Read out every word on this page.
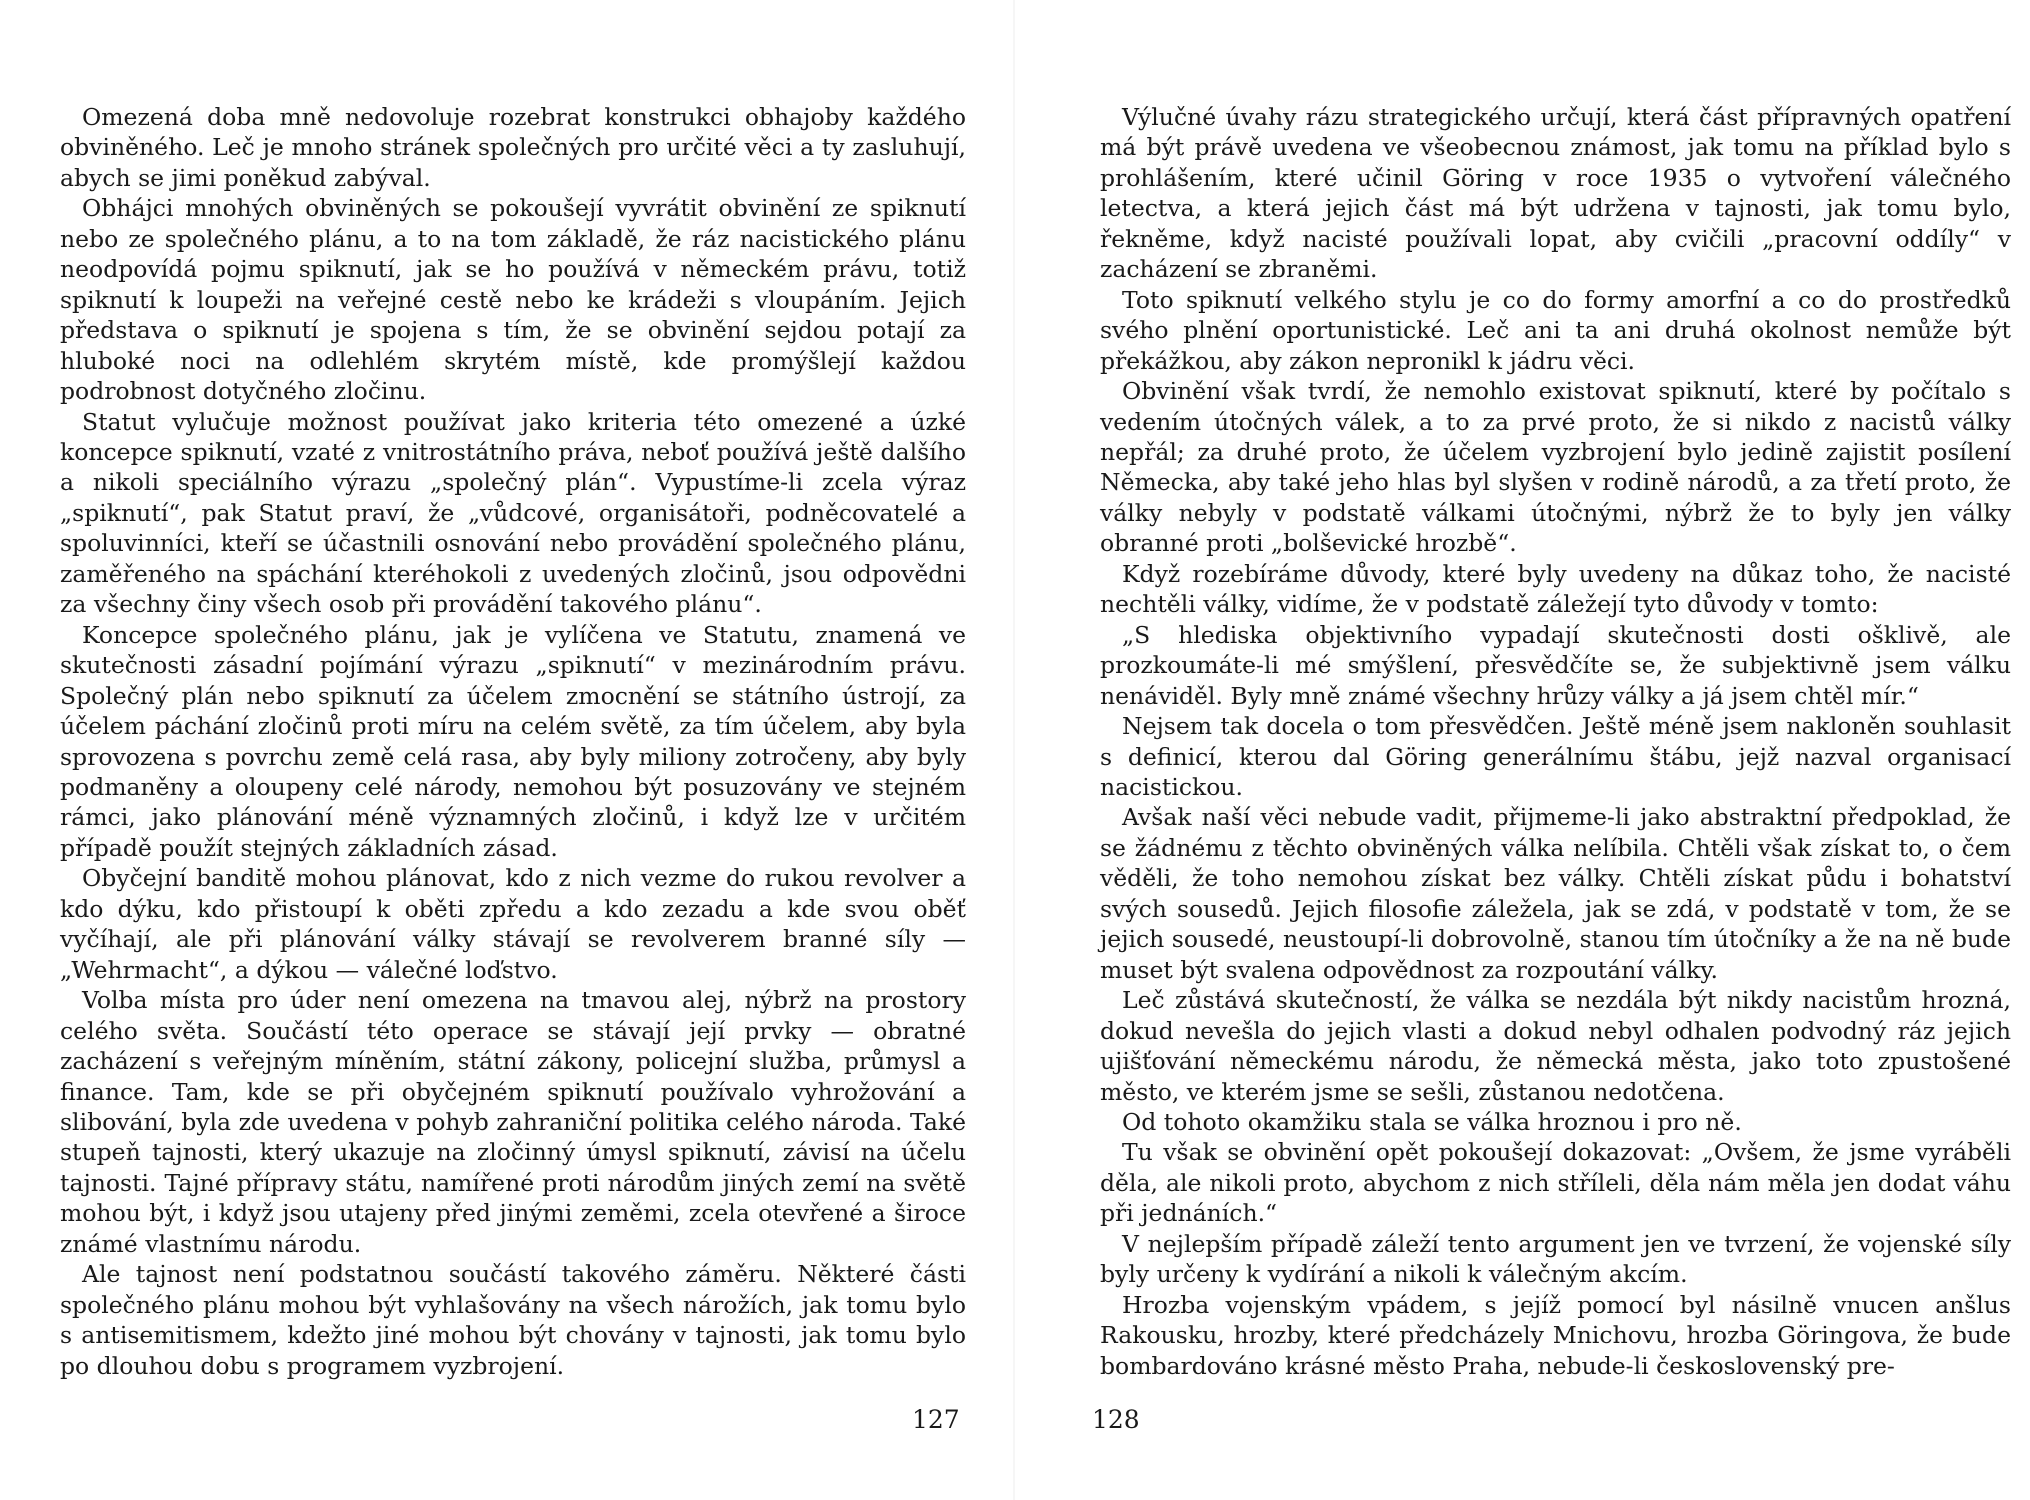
Omezená doba mně nedovoluje rozebrat konstrukci obhajoby každého obviněného. Leč je mnoho stránek společných pro určité věci a ty zasluhují, abych se jimi poněkud zabýval.

Obhájci mnohých obviněných se pokoušejí vyvrátit obvinění ze spiknutí nebo ze společného plánu, a to na tom základě, že ráz nacistického plánu neodpovídá pojmu spiknutí, jak se ho používá v německém právu, totiž spiknutí k loupeži na veřejné cestě nebo ke krádeži s vloupáním. Jejich představa o spiknutí je spojena s tím, že se obvinění sejdou potají za hluboké noci na odlehlém skrytém místě, kde promýšlejí každou podrobnost dotyčného zločinu.

Statut vylučuje možnost používat jako kriteria této omezené a úzké koncepce spiknutí, vzaté z vnitrostátního práva, neboť používá ještě dalšího a nikoli speciálního výrazu „společný plán“. Vypustíme-li zcela výraz „spiknutí“, pak Statut praví, že „vůdcové, organisátoři, podněcovatelé a spoluvinníci, kteří se účastnili osnování nebo provádění společného plánu, zaměřeného na spáchání kteréhokoli z uvedených zločinů, jsou odpovědni za všechny činy všech osob při provádění takového plánu“.

Koncepce společného plánu, jak je vylíčena ve Statutu, znamená ve skutečnosti zásadní pojímání výrazu „spiknutí“ v mezinárodním právu. Společný plán nebo spiknutí za účelem zmocnění se státního ústrojí, za účelem páchání zločinů proti míru na celém světě, za tím účelem, aby byla sprovozena s povrchu země celá rasa, aby byly miliony zotročeny, aby byly podmaněny a oloupeny celé národy, nemohou být posuzovány ve stejném rámci, jako plánování méně významných zločinů, i když lze v určitém případě použít stejných základních zásad.

Obyčejní banditě mohou plánovat, kdo z nich vezme do rukou revolver a kdo dýku, kdo přistoupí k oběti zpředu a kdo zezadu a kde svou oběť vyčíhají, ale při plánování války stávají se revolverem branné síly — „Wehrmacht“, a dýkou — válečné loďstvo.

Volba místa pro úder není omezena na tmavou alej, nýbrž na prostory celého světa. Součástí této operace se stávají její prvky — obratné zacházení s veřejným míněním, státní zákony, policejní služba, průmysl a finance. Tam, kde se při obyčejném spiknutí používalo vyhrožování a slibování, byla zde uvedena v pohyb zahraniční politika celého národa. Také stupeň tajnosti, který ukazuje na zločinný úmysl spiknutí, závisí na účelu tajnosti. Tajné přípravy státu, namířené proti národům jiných zemí na světě mohou být, i když jsou utajeny před jinými zeměmi, zcela otevřené a široce známé vlastnímu národu.

Ale tajnost není podstatnou součástí takového záměru. Některé části společného plánu mohou být vyhlašovány na všech nárožích, jak tomu bylo s antisemitismem, kdežto jiné mohou být chovány v tajnosti, jak tomu bylo po dlouhou dobu s programem vyzbrojení.

127

Výlučné úvahy rázu strategického určují, která část přípravných opatření má být právě uvedena ve všeobecnou známost, jak tomu na příklad bylo s prohlášením, které učinil Göring v roce 1935 o vytvoření válečného letectva, a která jejich část má být udržena v tajnosti, jak tomu bylo, řekněme, když nacisté používali lopat, aby cvičili „pracovní oddíly“ v zacházení se zbraněmi.

Toto spiknutí velkého stylu je co do formy amorfní a co do prostředků svého plnění oportunistické. Leč ani ta ani druhá okolnost nemůže být překážkou, aby zákon nepronikl k jádru věci.

Obvinění však tvrdí, že nemohlo existovat spiknutí, které by počítalo s vedením útočných válek, a to za prvé proto, že si nikdo z nacistů války nepřál; za druhé proto, že účelem vyzbrojení bylo jedině zajistit posílení Německa, aby také jeho hlas byl slyšen v rodině národů, a za třetí proto, že války nebyly v podstatě válkami útočnými, nýbrž že to byly jen války obranné proti „bolševické hrozbě“.

Když rozebíráme důvody, které byly uvedeny na důkaz toho, že nacisté nechtěli války, vidíme, že v podstatě záležejí tyto důvody v tomto:

„S hlediska objektivního vypadají skutečnosti dosti ošklivě, ale prozkoumáte-li mé smýšlení, přesvědčíte se, že subjektivně jsem válku nenáviděl. Byly mně známé všechny hrůzy války a já jsem chtěl mír.“

Nejsem tak docela o tom přesvědčen. Ještě méně jsem nakloněn souhlasit s definicí, kterou dal Göring generálnímu štábu, jejž nazval organisací nacistickou.

Avšak naší věci nebude vadit, přijmeme-li jako abstraktní předpoklad, že se žádnému z těchto obviněných válka nelíbila. Chtěli však získat to, o čem věděli, že toho nemohou získat bez války. Chtěli získat půdu i bohatství svých sousedů. Jejich filosofie záležela, jak se zdá, v podstatě v tom, že se jejich sousedé, neustoupí-li dobrovolně, stanou tím útočníky a že na ně bude muset být svalena odpovědnost za rozpoutání války.

Leč zůstává skutečností, že válka se nezdála být nikdy nacistům hrozná, dokud nevešla do jejich vlasti a dokud nebyl odhalen podvodný ráz jejich ujišťování německému národu, že německá města, jako toto zpustošené město, ve kterém jsme se sešli, zůstanou nedotčena.

Od tohoto okamžiku stala se válka hroznou i pro ně.

Tu však se obvinění opět pokoušejí dokazovat: „Ovšem, že jsme vyráběli děla, ale nikoli proto, abychom z nich stříleli, děla nám měla jen dodat váhu při jednáních.“

V nejlepším případě záleží tento argument jen ve tvrzení, že vojenské síly byly určeny k vydírání a nikoli k válečným akcím.

Hrozba vojenským vpádem, s jejíž pomocí byl násilně vnucen anšlus Rakousku, hrozby, které předcházely Mnichovu, hrozba Göringova, že bude bombardováno krásné město Praha, nebude-li československý pre-

128
